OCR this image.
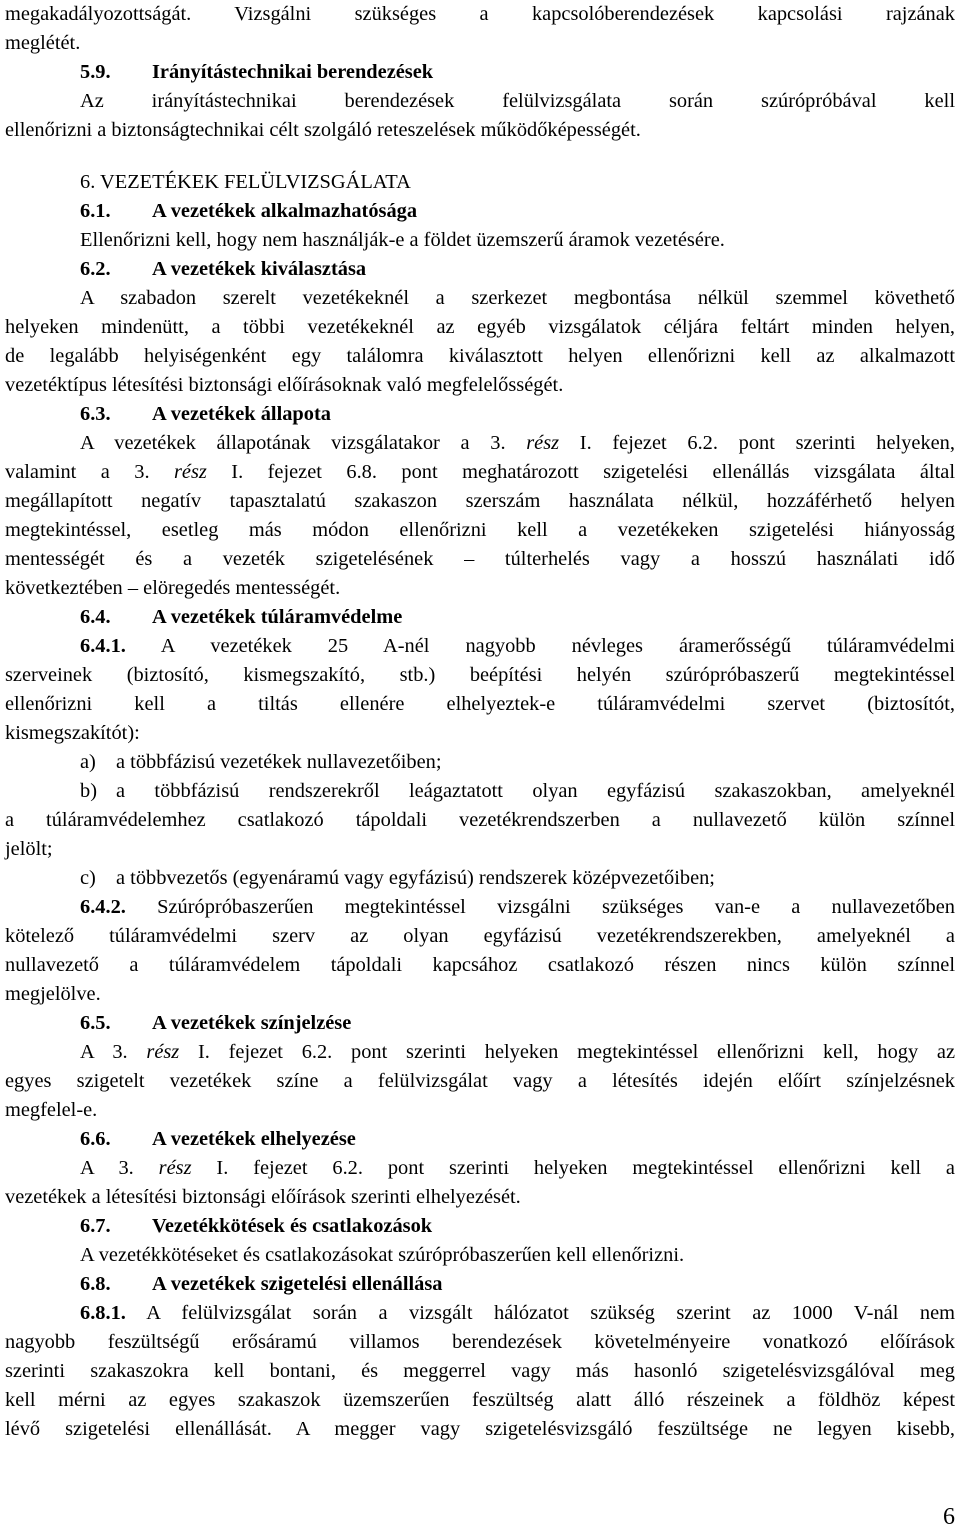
megakadályozottságát. Vizsgálni szükséges a kapcsolóberendezések kapcsolási rajzának

meglétét.

5.9. Irányítástechnikai berendezések

Az irányítástechnikai berendezések felülvizsgálata során szúrópróbával kell

ellenőrizni a biztonságtechnikai célt szolgáló reteszelések működőképességét.

6. VEZETÉKEK FELÜLVIZSGÁLATA

6.1. A vezetékek alkalmazhatósága

Ellenőrizni kell, hogy nem használják-e a földet üzemszerű áramok vezetésére.

6.2. A vezetékek kiválasztása

A szabadon szerelt vezetékeknél a szerkezet megbontása nélkül szemmel követhető

helyeken mindenütt, a többi vezetékeknél az egyéb vizsgálatok céljára feltárt minden helyen,

de legalább helyiségenként egy találomra kiválasztott helyen ellenőrizni kell az alkalmazott

vezetéktípus létesítési biztonsági előírásoknak való megfelelősségét.

6.3. A vezetékek állapota

A vezetékek állapotának vizsgálatakor a 3. rész I. fejezet 6.2. pont szerinti helyeken,

valamint a 3. rész I. fejezet 6.8. pont meghatározott szigetelési ellenállás vizsgálata által

megállapított negatív tapasztalatú szakaszon szerszám használata nélkül, hozzáférhető helyen

megtekintéssel, esetleg más módon ellenőrizni kell a vezetékeken szigetelési hiányosság

mentességét és a vezeték szigetelésének – túlterhelés vagy a hosszú használati idő

következtében – elöregedés mentességét.

6.4. A vezetékek túláramvédelme

6.4.1. A vezetékek 25 A-nél nagyobb névleges áramerősségű túláramvédelmi

szerveinek (biztosító, kismegszakító, stb.) beépítési helyén szúrópróbaszerű megtekintéssel

ellenőrizni kell a tiltás ellenére elhelyeztek-e túláramvédelmi szervet (biztosítót,

kismegszakítót):

a) a többfázisú vezetékek nullavezetőiben;

b) a többfázisú rendszerekről leágaztatott olyan egyfázisú szakaszokban, amelyeknél

a túláramvédelemhez csatlakozó tápoldali vezetékrendszerben a nullavezető külön színnel

jelölt;

c) a többvezetős (egyenáramú vagy egyfázisú) rendszerek középvezetőiben;

6.4.2. Szúrópróbaszerűen megtekintéssel vizsgálni szükséges van-e a nullavezetőben

kötelező túláramvédelmi szerv az olyan egyfázisú vezetékrendszerekben, amelyeknél a

nullavezető a túláramvédelem tápoldali kapcsához csatlakozó részen nincs külön színnel

megjelölve.

6.5. A vezetékek színjelzése

A 3. rész I. fejezet 6.2. pont szerinti helyeken megtekintéssel ellenőrizni kell, hogy az

egyes szigetelt vezetékek színe a felülvizsgálat vagy a létesítés idején előírt színjelzésnek

megfelel-e.

6.6. A vezetékek elhelyezése

A 3. rész I. fejezet 6.2. pont szerinti helyeken megtekintéssel ellenőrizni kell a

vezetékek a létesítési biztonsági előírások szerinti elhelyezését.

6.7. Vezetékkötések és csatlakozások

A vezetékkötéseket és csatlakozásokat szúrópróbaszerűen kell ellenőrizni.

6.8. A vezetékek szigetelési ellenállása

6.8.1. A felülvizsgálat során a vizsgált hálózatot szükség szerint az 1000 V-nál nem

nagyobb feszültségű erősáramú villamos berendezések követelményeire vonatkozó előírások

szerinti szakaszokra kell bontani, és meggerrel vagy más hasonló szigetelésvizsgálóval meg

kell mérni az egyes szakaszok üzemszerűen feszültség alatt álló részeinek a földhöz képest

lévő szigetelési ellenállását. A megger vagy szigetelésvizsgáló feszültsége ne legyen kisebb,

6
